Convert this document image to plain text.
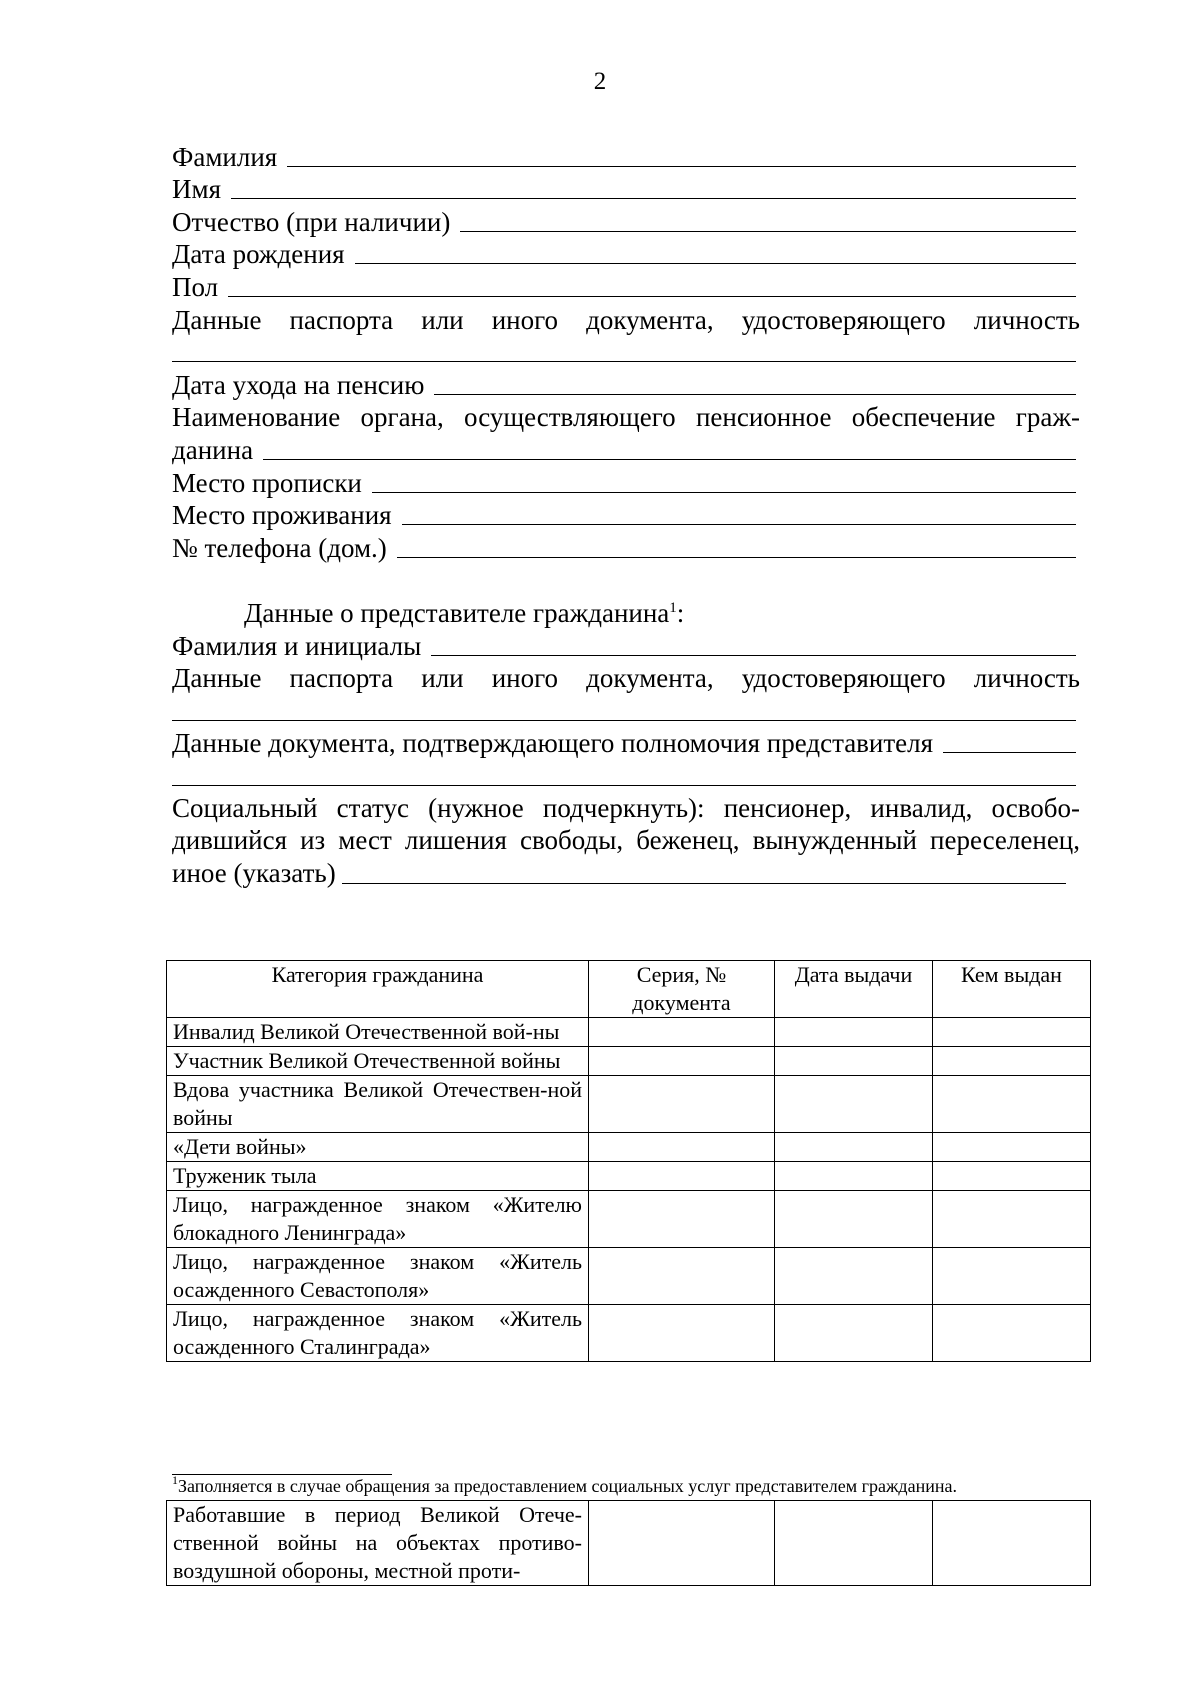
2
Фамилия
Имя
Отчество (при наличии)
Дата рождения
Пол
Данные паспорта или иного документа, удостоверяющего личность
Дата ухода на пенсию
Наименование органа, осуществляющего пенсионное обеспечение граж-
данина
Место прописки
Место проживания
№ телефона (дом.)
Данные о представителе гражданина$^1$:
Фамилия и инициалы
Данные паспорта или иного документа, удостоверяющего личность
Данные документа, подтверждающего полномочия представителя

Социальный статус (нужное подчеркнуть): пенсионер, инвалид, освобо-дившийся из мест лишения свободы, беженец, вынужденный переселенец, иное (указать)

Категория гражданина	Серия, № документа	Дата выдачи	Кем выдан
Инвалид Великой Отечественной вой-ны			
Участник Великой Отечественной войны			
Вдова участника Великой Отечествен-ной войны			
«Дети войны»			
Труженик тыла			
Лицо, награжденное знаком «Жителю блокадного Ленинграда»			
Лицо, награжденное знаком «Житель осажденного Севастополя»			
Лицо, награжденное знаком «Житель осажденного Сталинграда»			
$^1$Заполняется в случае обращения за предоставлением социальных услуг представителем гражданина.
Работавшие в период Великой Отече-ственной войны на объектах противо-воздушной обороны, местной проти-			
